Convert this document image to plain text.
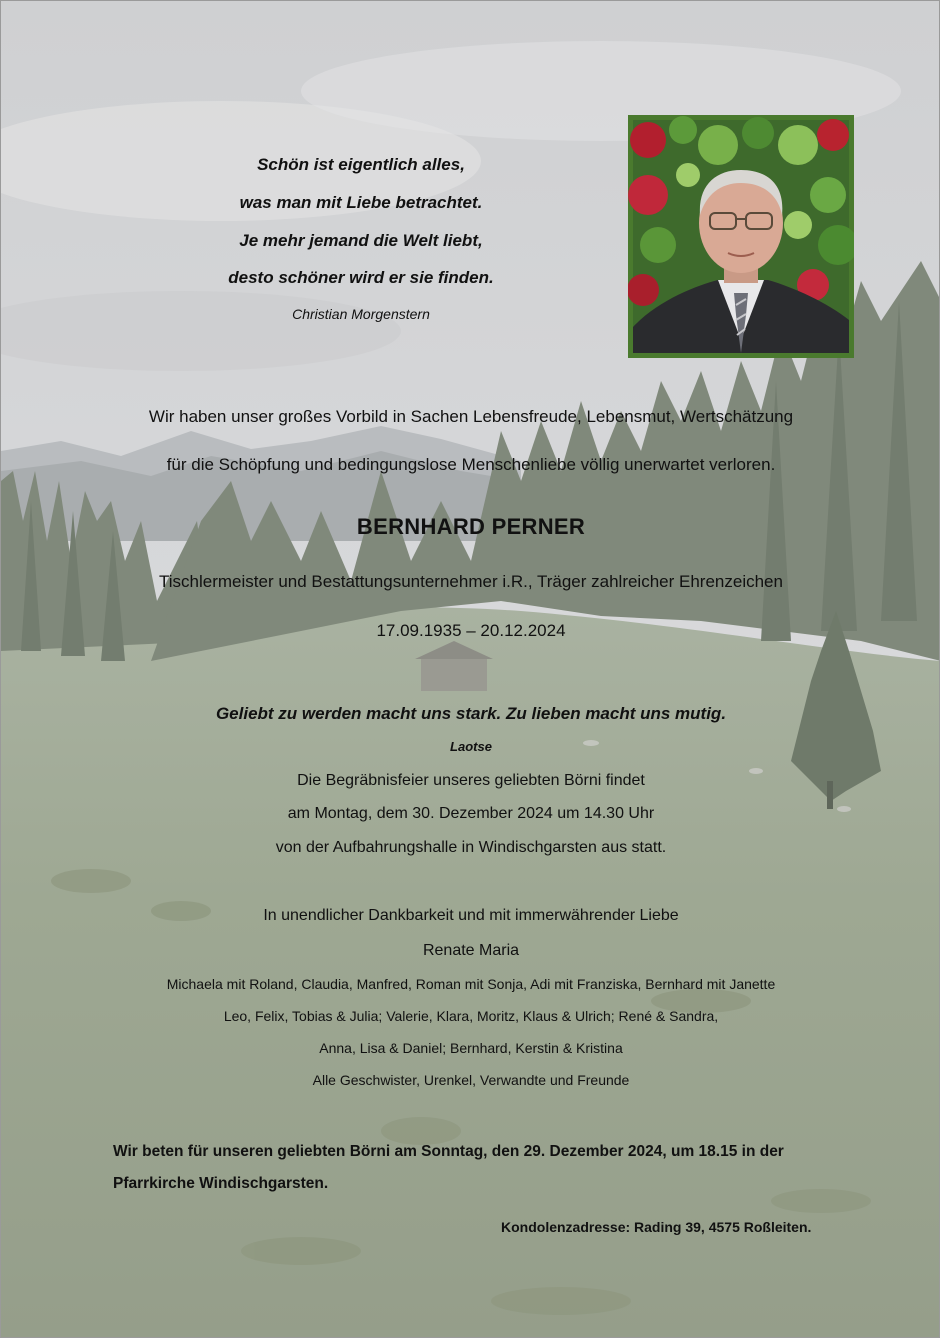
Schön ist eigentlich alles,
was man mit Liebe betrachtet.
Je mehr jemand die Welt liebt,
desto schöner wird er sie finden.
Christian Morgenstern
Wir haben unser großes Vorbild in Sachen Lebensfreude, Lebensmut, Wertschätzung
für die Schöpfung und bedingungslose Menschenliebe völlig unerwartet verloren.
BERNHARD PERNER
Tischlermeister und Bestattungsunternehmer i.R., Träger zahlreicher Ehrenzeichen
17.09.1935 – 20.12.2024
Geliebt zu werden macht uns stark. Zu lieben macht uns mutig.
Laotse
Die Begräbnisfeier unseres geliebten Börni findet
am Montag, dem 30. Dezember 2024 um 14.30 Uhr
von der Aufbahrungshalle in Windischgarsten aus statt.
In unendlicher Dankbarkeit und mit immerwährender Liebe
Renate Maria
Michaela mit Roland, Claudia, Manfred, Roman mit Sonja, Adi mit Franziska, Bernhard mit Janette
Leo, Felix, Tobias & Julia; Valerie, Klara, Moritz, Klaus & Ulrich; René & Sandra,
Anna, Lisa & Daniel; Bernhard, Kerstin & Kristina
Alle Geschwister, Urenkel, Verwandte und Freunde
Wir beten für unseren geliebten Börni am Sonntag, den 29. Dezember 2024, um 18.15 in der
Pfarrkirche Windischgarsten.
Kondolenzadresse: Rading 39, 4575 Roßleiten.
